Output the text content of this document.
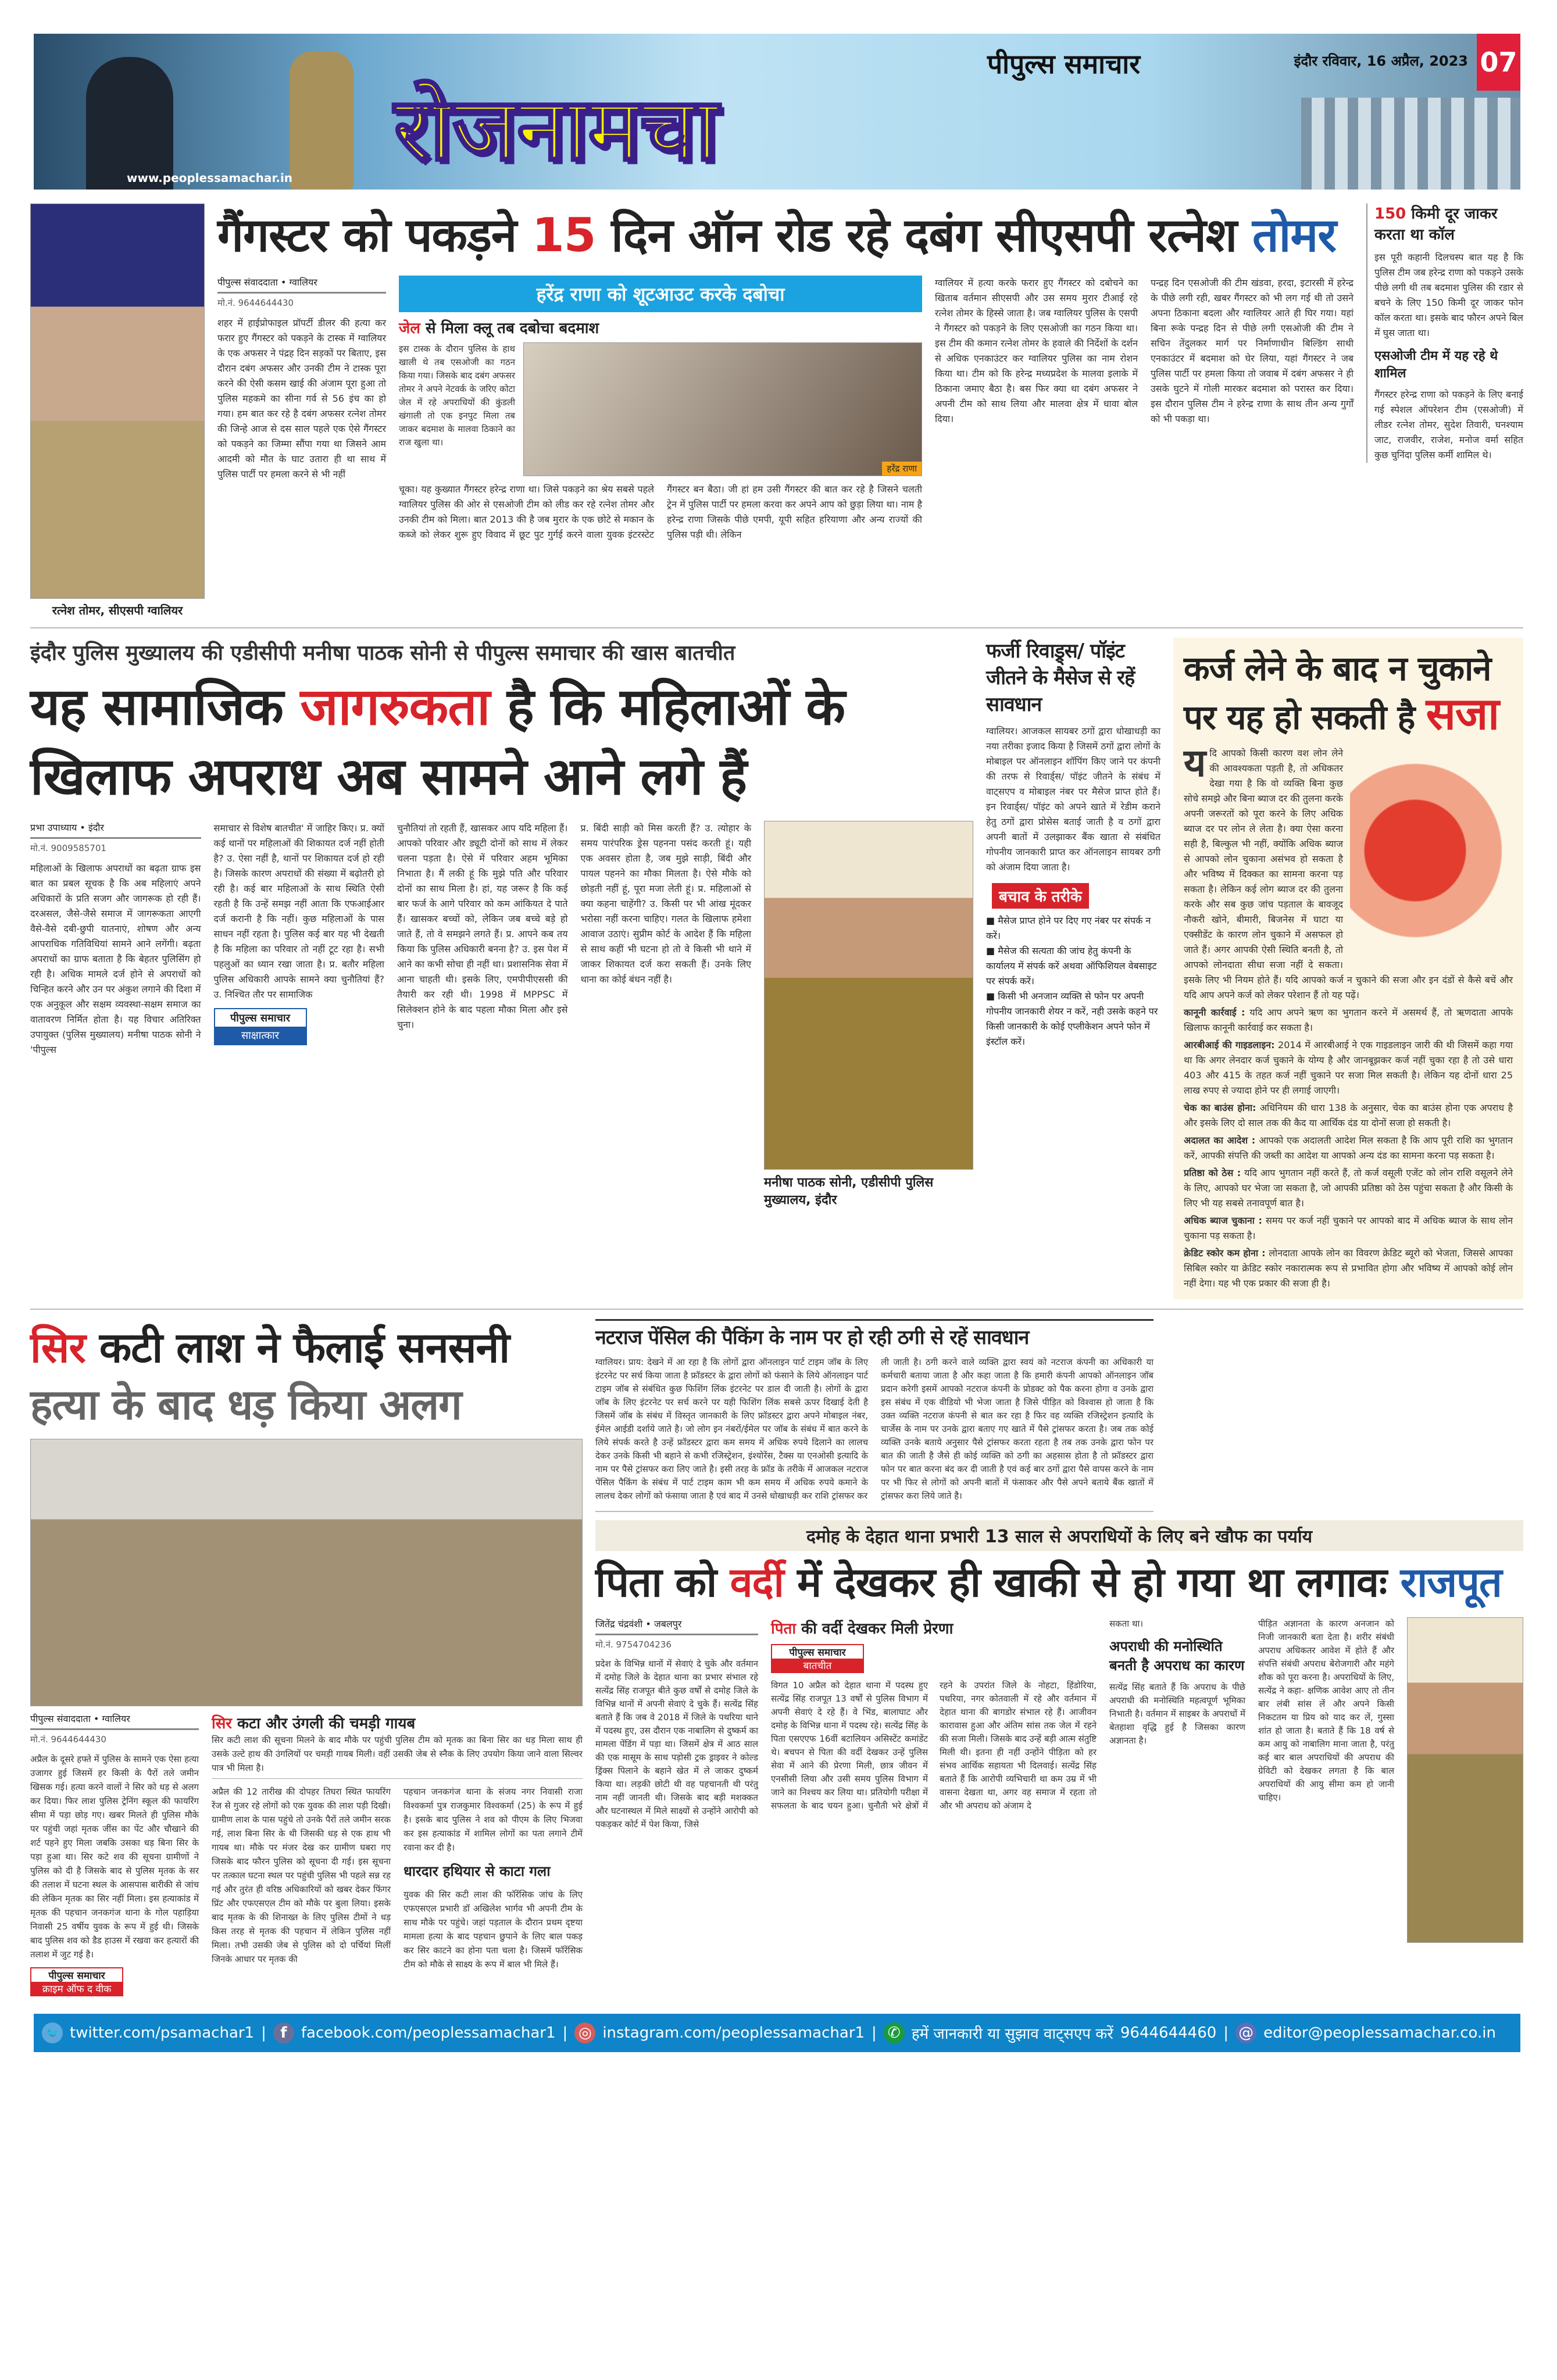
www.peoplessamachar.in रोजनामचा
पीपुल्स समाचार	07
इंदौर रविवार, 16 अप्रैल, 2023
रत्नेश तोमर, सीएसपी ग्वालियर
गैंगस्टर को पकड़ने 15 दिन ऑन रोड रहे दबंग सीएसपी रत्नेश तोमर
पीपुल्स संवाददाता • ग्वालियर
मो.नं. 9644644430
शहर में हाईप्रोफाइल प्रॉपर्टी डीलर की हत्या कर फरार हुए गैंगस्टर को पकड़ने के टास्क में ग्वालियर के एक अफसर ने पंद्रह दिन सड़कों पर बिताए, इस दौरान दबंग अफसर और उनकी टीम ने टास्क पूरा करने की ऐसी कसम खाई की अंजाम पूरा हुआ तो पुलिस महकमे का सीना गर्व से 56 इंच का हो गया। हम बात कर रहे है दबंग अफसर रत्नेश तोमर की जिन्हे आज से दस साल पहले एक ऐसे गैंगस्टर को पकड़ने का जिम्मा सौंपा गया था जिसने आम आदमी को मौत के घाट उतारा ही था साथ में पुलिस पार्टी पर हमला करने से भी नहीं
हरेंद्र राणा को शूटआउट करके दबोचा
जेल से मिला क्लू तब दबोचा बदमाश
इस टास्क के दौरान पुलिस के हाथ खाली थे तब एसओजी का गठन किया गया। जिसके बाद दबंग अफसर तोमर ने अपने नेटवर्क के जरिए कोटा जेल में रहे अपराधियों की कुंडली खंगाली तो एक इनपुट मिला तब जाकर बदमाश के मालवा ठिकाने का राज खुला था।
हरेंद्र राणा
चूका। यह कुख्यात गैंगस्टर हरेन्द्र राणा था। जिसे पकड़ने का श्रेय सबसे पहले ग्वालियर पुलिस की ओर से एसओजी टीम को लीड कर रहे रत्नेश तोमर और उनकी टीम को मिला। बात 2013 की है जब मुरार के एक छोटे से मकान के कब्जे को लेकर शुरू हुए विवाद में छूट पुट गुर्गई करने वाला युवक इंटरस्टेट गैंगस्टर बन बैठा। जी हां हम उसी गैंगस्टर की बात कर रहे है जिसने चलती ट्रेन में पुलिस पार्टी पर हमला करवा कर अपने आप को छुड़ा लिया था। नाम है हरेन्द्र राणा जिसके पीछे एमपी, यूपी सहित हरियाणा और अन्य राज्यों की पुलिस पड़ी थी। लेकिन
ग्वालियर में हत्या करके फरार हुए गैंगस्टर को दबोचने का खिताब वर्तमान सीएसपी और उस समय मुरार टीआई रहे रत्नेश तोमर के हिस्से जाता है। जब ग्वालियर पुलिस के एसपी ने गैंगस्टर को पकड़ने के लिए एसओजी का गठन किया था। इस टीम की कमान रत्नेश तोमर के हवाले की निर्देशों के दर्शन से अधिक एनकाउंटर कर ग्वालियर पुलिस का नाम रोशन किया था। टीम को कि हरेन्द्र मध्यप्रदेश के मालवा इलाके में ठिकाना जमाए बैठा है। बस फिर क्या था दबंग अफसर ने अपनी टीम को साथ लिया और मालवा क्षेत्र में धावा बोल दिया।
पन्द्रह दिन एसओजी की टीम खंडवा, हरदा, इटारसी में हरेन्द्र के पीछे लगी रही, खबर गैंगस्टर को भी लग गई थी तो उसने अपना ठिकाना बदला और ग्वालियर आते ही घिर गया। यहां बिना रूके पन्द्रह दिन से पीछे लगी एसओजी की टीम ने सचिन तेंदुलकर मार्ग पर निर्माणाधीन बिल्डिंग साथी एनकाउंटर में बदमाश को घेर लिया, यहां गैंगस्टर ने जब पुलिस पार्टी पर हमला किया तो जवाब में दबंग अफसर ने ही उसके घुटने में गोली मारकर बदमाश को परास्त कर दिया। इस दौरान पुलिस टीम ने हरेन्द्र राणा के साथ तीन अन्य गुर्गों को भी पकड़ा था।
150 किमी दूर जाकर करता था कॉल
इस पूरी कहानी दिलचस्प बात यह है कि पुलिस टीम जब हरेन्द्र राणा को पकड़ने उसके पीछे लगी थी तब बदमाश पुलिस की रडार से बचने के लिए 150 किमी दूर जाकर फोन कॉल करता था। इसके बाद फौरन अपने बिल में घुस जाता था।
एसओजी टीम में यह रहे थे शामिल
गैंगस्टर हरेन्द्र राणा को पकड़ने के लिए बनाई गई स्पेशल ऑपरेशन टीम (एसओजी) में लीडर रत्नेश तोमर, सुदेश तिवारी, घनश्याम जाट, राजवीर, राजेश, मनोज वर्मा सहित कुछ चुनिंदा पुलिस कर्मी शामिल थे।
इंदौर पुलिस मुख्यालय की एडीसीपी मनीषा पाठक सोनी से पीपुल्स समाचार की खास बातचीत
यह सामाजिक जागरुकता है कि महिलाओं के खिलाफ अपराध अब सामने आने लगे हैं
प्रभा उपाध्याय • इंदौर
मो.नं. 9009585701
महिलाओं के खिलाफ अपराधों का बढ़ता ग्राफ इस बात का प्रबल सूचक है कि अब महिलाएं अपने अधिकारों के प्रति सजग और जागरूक हो रही हैं। दरअसल, जैसे-जैसे समाज में जागरूकता आएगी वैसे-वैसे दबी-छुपी यातनाएं, शोषण और अन्य आपराधिक गतिविधियां सामने आने लगेंगी। बढ़ता अपराधों का ग्राफ बताता है कि बेहतर पुलिसिंग हो रही है। अधिक मामले दर्ज होने से अपराधों को चिन्हित करने और उन पर अंकुश लगाने की दिशा में एक अनुकूल और सक्षम व्यवस्था-सक्षम समाज का वातावरण निर्मित होता है। यह विचार अतिरिक्त उपायुक्त (पुलिस मुख्यालय) मनीषा पाठक सोनी ने 'पीपुल्स
समाचार से विशेष बातचीत' में जाहिर किए। प्र. क्यों कई थानों पर महिलाओं की शिकायत दर्ज नहीं होती है? उ. ऐसा नहीं है, थानों पर शिकायत दर्ज हो रही है। जिसके कारण अपराधों की संख्या में बढ़ोतरी हो रही है। कई बार महिलाओं के साथ स्थिति ऐसी रहती है कि उन्हें समझ नहीं आता कि एफआईआर दर्ज करानी है कि नहीं। कुछ महिलाओं के पास साधन नहीं रहता है। पुलिस कई बार यह भी देखती है कि महिला का परिवार तो नहीं टूट रहा है। सभी पहलुओं का ध्यान रखा जाता है। प्र. बतौर महिला पुलिस अधिकारी आपके सामने क्या चुनौतियां हैं? उ. निश्चित तौर पर सामाजिक
पीपुल्स समाचार
साक्षात्कार
चुनौतियां तो रहती हैं, खासकर आप यदि महिला हैं। आपको परिवार और ड्यूटी दोनों को साथ में लेकर चलना पड़ता है। ऐसे में परिवार अहम भूमिका निभाता है। मैं लकी हूं कि मुझे पति और परिवार दोनों का साथ मिला है। हां, यह जरूर है कि कई बार फर्ज के आगे परिवार को कम आंकियत दे पाते हैं। खासकर बच्चों को, लेकिन जब बच्चे बड़े हो जाते हैं, तो वे समझने लगते हैं। प्र. आपने कब तय किया कि पुलिस अधिकारी बनना है? उ. इस पेश में आने का कभी सोचा ही नहीं था। प्रशासनिक सेवा में आना चाहती थी। इसके लिए, एमपीपीएससी की तैयारी कर रही थी। 1998 में MPPSC में सिलेक्शन होने के बाद पहला मौका मिला और इसे चुना।
प्र. बिंदी साड़ी को मिस करती हैं? उ. त्योहार के समय पारंपरिक ड्रेस पहनना पसंद करती हूं। यही एक अवसर होता है, जब मुझे साड़ी, बिंदी और पायल पहनने का मौका मिलता है। ऐसे मौके को छोड़ती नहीं हूं, पूरा मजा लेती हूं। प्र. महिलाओं से क्या कहना चाहेंगी? उ. किसी पर भी आंख मूंदकर भरोसा नहीं करना चाहिए। गलत के खिलाफ हमेशा आवाज उठाएं। सुप्रीम कोर्ट के आदेश हैं कि महिला से साथ कहीं भी घटना हो तो वे किसी भी थाने में जाकर शिकायत दर्ज करा सकती हैं। उनके लिए थाना का कोई बंधन नहीं है।
मनीषा पाठक सोनी, एडीसीपी पुलिस मुख्यालय, इंदौर
फर्जी रिवाड्र्स/ पॉइंट जीतने के मैसेज से रहें सावधान
ग्वालियर। आजकल सायबर ठगों द्वारा धोखाधड़ी का नया तरीका इजाद किया है जिसमें ठगों द्वारा लोगों के मोबाइल पर ऑनलाइन शॉपिंग किए जाने पर कंपनी की तरफ से रिवार्ड्स/ पॉइंट जीतने के संबंध में वाट्सएप व मोबाइल नंबर पर मैसेज प्राप्त होते हैं। इन रिवार्ड्स/ पॉइंट को अपने खाते में रेडीम कराने हेतु ठगों द्वारा प्रोसेस बताई जाती है व ठगों द्वारा अपनी बातों में उलझाकर बैंक खाता से संबंधित गोपनीय जानकारी प्राप्त कर ऑनलाइन सायबर ठगी को अंजाम दिया जाता है।
बचाव के तरीके
■ मैसेज प्राप्त होने पर दिए गए नंबर पर संपर्क न करें।
■ मैसेज की सत्यता की जांच हेतु कंपनी के कार्यालय में संपर्क करें अथवा ऑफिशियल वेबसाइट पर संपर्क करें।
■ किसी भी अनजान व्यक्ति से फोन पर अपनी गोपनीय जानकारी शेयर न करें, नही उसके कहने पर किसी जानकारी के कोई एप्लीकेशन अपने फोन में इंस्टॉल करें।
कर्ज लेने के बाद न चुकाने पर यह हो सकती है सजा
यदि आपको किसी कारण वश लोन लेने की आवश्यकता पड़ती है, तो अधिकतर देखा गया है कि वो व्यक्ति बिना कुछ सोचे समझे और बिना ब्याज दर की तुलना करके अपनी जरूरतों को पूरा करने के लिए अधिक ब्याज दर पर लोन ले लेता है। क्या ऐसा करना सही है, बिल्कुल भी नहीं, क्योंकि अधिक ब्याज से आपको लोन चुकाना असंभव हो सकता है और भविष्य में दिक्कत का सामना करना पड़ सकता है। लेकिन कई लोग ब्याज दर की तुलना करके और सब कुछ जांच पड़ताल के बावजूद नौकरी खोने, बीमारी, बिजनेस में घाटा या एक्सीडेंट के कारण लोन चुकाने में असफल हो जाते हैं। अगर आपकी ऐसी स्थिति बनती है, तो आपको लोनदाता सीधा सजा नहीं दे सकता। इसके लिए भी नियम होते हैं। यदि आपको कर्ज न चुकाने की सजा और इन दंडों से कैसे बचें और यदि आप अपने कर्ज को लेकर परेशान हैं तो यह पढ़ें।
कानूनी कार्रवाई : यदि आप अपने ऋण का भुगतान करने में असमर्थ हैं, तो ऋणदाता आपके खिलाफ कानूनी कार्रवाई कर सकता है।
आरबीआई की गाइडलाइन: 2014 में आरबीआई ने एक गाइडलाइन जारी की थी जिसमें कहा गया था कि अगर लेनदार कर्ज चुकाने के योग्य है और जानबूझकर कर्ज नहीं चुका रहा है तो उसे धारा 403 और 415 के तहत कर्ज नहीं चुकाने पर सजा मिल सकती है। लेकिन यह दोनों धारा 25 लाख रुपए से ज्यादा होने पर ही लगाई जाएगी।
चेक का बाउंस होना: अधिनियम की धारा 138 के अनुसार, चेक का बाउंस होना एक अपराध है और इसके लिए दो साल तक की कैद या आर्थिक दंड या दोनों सजा हो सकती है।
अदालत का आदेश : आपको एक अदालती आदेश मिल सकता है कि आप पूरी राशि का भुगतान करें, आपकी संपत्ति की जब्ती का आदेश या आपको अन्य दंड का सामना करना पड़ सकता है।
प्रतिष्ठा को ठेस : यदि आप भुगतान नहीं करते हैं, तो कर्ज वसूली एजेंट को लोन राशि वसूलने लेने के लिए, आपको घर भेजा जा सकता है, जो आपकी प्रतिष्ठा को ठेस पहुंचा सकता है और किसी के लिए भी यह सबसे तनावपूर्ण बात है।
अधिक ब्याज चुकाना : समय पर कर्ज नहीं चुकाने पर आपको बाद में अधिक ब्याज के साथ लोन चुकाना पड़ सकता है।
क्रेडिट स्कोर कम होना : लोनदाता आपके लोन का विवरण क्रेडिट ब्यूरो को भेजता, जिससे आपका सिबिल स्कोर या क्रेडिट स्कोर नकारात्मक रूप से प्रभावित होगा और भविष्य में आपको कोई लोन नहीं देगा। यह भी एक प्रकार की सजा ही है।
सिर कटी लाश ने फैलाई सनसनी
हत्या के बाद धड़ किया अलग
पीपुल्स संवाददाता • ग्वालियर
मो.नं. 9644644430
अप्रैल के दूसरे हफ्ते में पुलिस के सामने एक ऐसा हत्या उजागर हुई जिसमें हर किसी के पैरों तले जमीन खिसक गई। हत्या करने वालों ने सिर को धड़ से अलग कर दिया। फिर लाश पुलिस ट्रेनिंग स्कूल की फायरिंग सीमा में पड़ा छोड़ गए। खबर मिलते ही पुलिस मौके पर पहुंची जहां मृतक जींस का पेंट और चौखाने की शर्ट पहने हुए मिला जबकि उसका धड़ बिना सिर के पड़ा हुआ था। सिर कटे शव की सूचना ग्रामीणों ने पुलिस को दी है जिसके बाद से पुलिस मृतक के सर की तलाश में घटना स्थल के आसपास बारीकी से जांच की लेकिन मृतक का सिर नहीं मिला। इस हत्याकांड में मृतक की पहचान जनकगंज थाना के गोल पहाड़िया निवासी 25 वर्षीय युवक के रूप में हुई थी। जिसके बाद पुलिस शव को डैड हाउस में रखवा कर हत्यारों की तलाश में जुट गई है।
पीपुल्स समाचार
क्राइम ऑफ द वीक
सिर कटा और उंगली की चमड़ी गायब
सिर कटी लाश की सूचना मिलने के बाद मौके पर पहुंची पुलिस टीम को मृतक का बिना सिर का धड़ मिला साथ ही उसके उल्टे हाथ की उंगलियों पर चमड़ी गायब मिली। वहीं उसकी जेब से स्नैक के लिए उपयोग किया जाने वाला सिल्वर पात्र भी मिला है।
अप्रैल की 12 तारीख की दोपहर तिघरा स्थित फायरिंग रेंज से गुजर रहे लोगों को एक युवक की लाश पड़ी दिखी। ग्रामीण लाश के पास पहुंचे तो उनके पैरों तले जमीन सरक गई, लाश बिना सिर के थी जिसकी धड़ से एक हाथ भी गायब था। मौके पर मंजर देख कर ग्रामीण घबरा गए जिसके बाद फौरन पुलिस को सूचना दी गई। इस सूचना पर तत्काल घटना स्थल पर पहुंची पुलिस भी पहले सन्न रह गई और तुरंत ही वरिष्ठ अधिकारियों को खबर देकर फिंगर प्रिंट और एफएसएल टीम को मौके पर बुला लिया। इसके बाद मृतक के की शिनाख्त के लिए पुलिस टीमों ने धड़ किस तरह से मृतक की पहचान में लेकिन पुलिस नहीं मिला। तभी उसकी जेब से पुलिस को दो पर्चियां मिलीं जिनके आधार पर मृतक की
पहचान जनकगंज थाना के संजय नगर निवासी राजा विश्वकर्मा पुत्र राजकुमार विश्वकर्मा (25) के रूप में हुई है। इसके बाद पुलिस ने शव को पीएम के लिए भिजवा कर इस हत्याकांड में शामिल लोगों का पता लगाने टीमें रवाना कर दी है।
धारदार हथियार से काटा गला
युवक की सिर कटी लाश की फॉरेंसिक जांच के लिए एफएसएल प्रभारी डॉ अखिलेश भार्गव भी अपनी टीम के साथ मौके पर पहुंचे। जहां पड़ताल के दौरान प्रथम दृष्टया मामला हत्या के बाद पहचान छुपाने के लिए बाल पकड़ कर सिर काटने का होना पता चला है। जिसमें फॉरेंसिक टीम को मौके से साक्ष्य के रूप में बाल भी मिले हैं।
नटराज पेंसिल की पैकिंग के नाम पर हो रही ठगी से रहें सावधान
ग्वालियर। प्राय: देखने में आ रहा है कि लोगों द्वारा ऑनलाइन पार्ट टाइम जॉब के लिए इंटरनेट पर सर्च किया जाता है फ्रॉडस्टर के द्वारा लोगों को फंसाने के लिये ऑनलाइन पार्ट टाइम जॉब से संबंधित कुछ फिशिंग लिंक इंटरनेट पर डाल दी जाती है। लोगों के द्वारा जॉब के लिए इंटरनेट पर सर्च करने पर यही फिशिंग लिंक सबसे ऊपर दिखाई देती है जिसमें जॉब के संबंध में विस्तृत जानकारी के लिए फ्रॉडस्टर द्वारा अपने मोबाइल नंबर, ईमेल आईडी दर्शाये जाते है। जो लोग इन नंबरों/ईमेल पर जॉब के संबंध में बात करने के लिये संपर्क करते है उन्हें फ्रॉडस्टर द्वारा कम समय में अधिक रुपये दिलाने का लालच देकर उनके किसी भी बहाने से कभी रजिस्ट्रेशन, इंश्योरेंस, टैक्स या एनओसी इत्यादि के नाम पर पैसे ट्रांसफर करा लिए जाते है। इसी तरह के फ्रॉड के तरीके में आजकल नटराज पेंसिल पैकिंग के संबंध में पार्ट टाइम काम भी कम समय में अधिक रुपये कमाने के लालच देकर लोगों को फंसाया जाता है एवं बाद में उनसे धोखाधड़ी कर राशि ट्रांसफर कर
ली जाती है। ठगी करने वाले व्यक्ति द्वारा स्वयं को नटराज कंपनी का अधिकारी या कर्मचारी बताया जाता है और कहा जाता है कि हमारी कंपनी आपको ऑनलाइन जॉब प्रदान करेगी इसमें आपको नटराज कंपनी के प्रोडक्ट को पैक करना होगा व उनके द्वारा इस संबंध में एक वीडियो भी भेजा जाता है जिसे पीड़ित को विश्वास हो जाता है कि उक्त व्यक्ति नटराज कंपनी से बात कर रहा है फिर वह व्यक्ति रजिस्ट्रेशन इत्यादि के चार्जेस के नाम पर उनके द्वारा बताए गए खाते में पैसे ट्रांसफर करता है। जब तक कोई व्यक्ति उनके बताये अनुसार पैसे ट्रांसफर करता रहता है तब तक उनके द्वारा फोन पर बात की जाती है जैसे ही कोई व्यक्ति को ठगी का अहसास होता है तो फ्रॉडस्टर द्वारा फोन पर बात करना बंद कर दी जाती है एवं कई बार ठगों द्वारा पैसे वापस करने के नाम पर भी फिर से लोगों को अपनी बातों में फंसाकर और पैसे अपने बताये बैंक खातों में ट्रांसफर करा लिये जाते है।
दमोह के देहात थाना प्रभारी 13 साल से अपराधियों के लिए बने खौफ का पर्याय
पिता को वर्दी में देखकर ही खाकी से हो गया था लगावः राजपूत
जितेंद्र चंद्रवंशी • जबलपुर
मो.नं. 9754704236
प्रदेश के विभिन्न थानों में सेवाएं दे चुके और वर्तमान में दमोह जिले के देहात थाना का प्रभार संभाल रहे सत्येंद्र सिंह राजपूत बीते कुछ वर्षों से दमोह जिले के विभिन्न थानों में अपनी सेवाएं दे चुके हैं। सत्येंद्र सिंह बताते हैं कि जब वे 2018 में जिले के पथरिया थाने में पदस्थ हुए, उस दौरान एक नाबालिग से दुष्कर्म का मामला पेंडिंग में पड़ा था। जिसमें क्षेत्र में आठ साल की एक मासूम के साथ पड़ोसी ट्रक ड्राइवर ने कोल्ड ड्रिंक्स पिलाने के बहाने खेत में ले जाकर दुष्कर्म किया था। लड़की छोटी थी वह पहचानती थी परंतु नाम नहीं जानती थी। जिसके बाद बड़ी मशक्कत और घटनास्थल में मिले साक्ष्यों से उन्होंने आरोपी को पकड़कर कोर्ट में पेश किया, जिसे
पिता की वर्दी देखकर मिली प्रेरणा
पीपुल्स समाचार
बातचीत
विगत 10 अप्रैल को देहात थाना में पदस्थ हुए सत्येंद्र सिंह राजपूत 13 वर्षों से पुलिस विभाग में अपनी सेवाएं दे रहे हैं। वे भिंड, बालाघाट और दमोह के विभिन्न थाना में पदस्थ रहे। सत्येंद्र सिंह के पिता एसएएफ 16वीं बटालियन असिस्टेंट कमांडेंट थे। बचपन से पिता की वर्दी देखकर उन्हें पुलिस सेवा में आने की प्रेरणा मिली, छात्र जीवन में एनसीसी लिया और उसी समय पुलिस विभाग में जाने का निश्चय कर लिया था। प्रतियोगी परीक्षा में सफलता के बाद चयन हुआ। चुनौती भरे क्षेत्रों में रहने के उपरांत जिले के नोहटा, हिंडोरिया, पथरिया, नगर कोतवाली में रहे और वर्तमान में देहात थाना की बागडोर संभाल रहे हैं। आजीवन कारावास हुआ और अंतिम सांस तक जेल में रहने की सजा मिली। जिसके बाद उन्हें बड़ी आत्म संतुष्टि मिली थी। इतना ही नहीं उन्होंने पीड़िता को हर संभव आर्थिक सहायता भी दिलवाई। सत्येंद्र सिंह बताते हैं कि आरोपी व्यभिचारी था कम उम्र में भी वासना देखता था, अगर वह समाज में रहता तो और भी अपराध को अंजाम दे
सकता था।
अपराधी की मनोस्थिति बनती है अपराध का कारण
सत्येंद्र सिंह बताते हैं कि अपराध के पीछे अपराधी की मनोस्थिति महत्वपूर्ण भूमिका निभाती है। वर्तमान में साइबर के अपराधों में बेतहाशा वृद्धि हुई है जिसका कारण अज्ञानता है।
पीड़ित अज्ञानता के कारण अनजान को निजी जानकारी बता देता है। शरीर संबंधी अपराध अधिकतर आवेश में होते हैं और संपत्ति संबंधी अपराध बेरोजगारी और महंगे शौक को पूरा करना है। अपराधियों के लिए, सत्येंद्र ने कहा- क्षणिक आवेश आए तो तीन बार लंबी सांस लें और अपने किसी निकटतम या प्रिय को याद कर लें, गुस्सा शांत हो जाता है। बताते हैं कि 18 वर्ष से कम आयु को नाबालिग माना जाता है, परंतु कई बार बाल अपराधियों की अपराध की ग्रेविटी को देखकर लगता है कि बाल अपराधियों की आयु सीमा कम हो जानी चाहिए।
🐦 twitter.com/psamachar1 | f facebook.com/peoplessamachar1 | ◎ instagram.com/peoplessamachar1 | ✆ हमें जानकारी या सुझाव वाट्सएप करें 9644644460 | @ editor@peoplessamachar.co.in
